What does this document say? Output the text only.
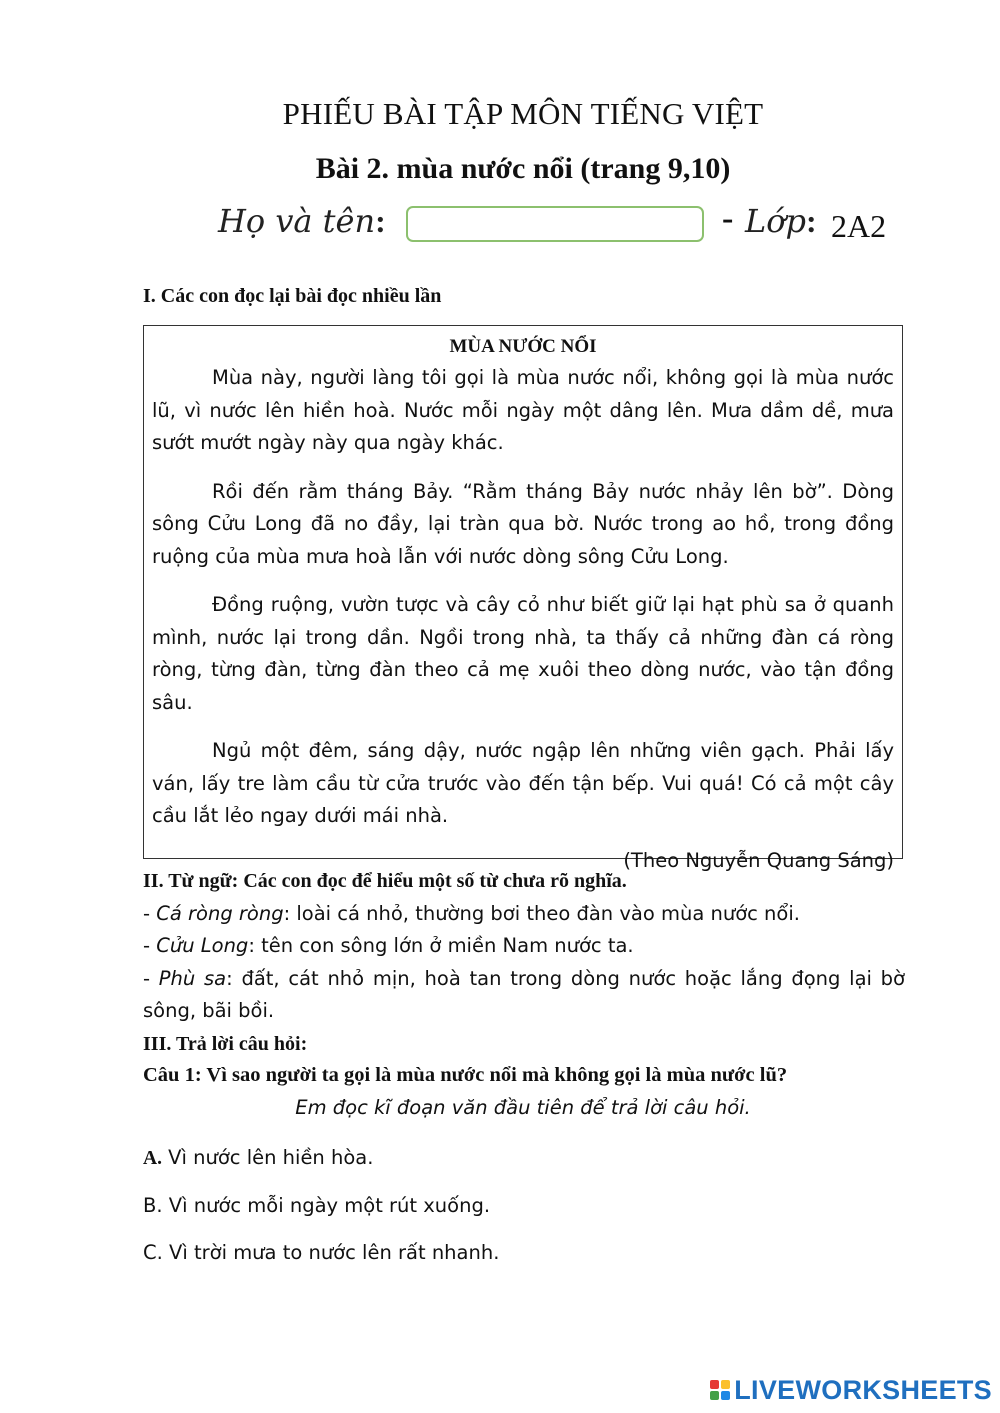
PHIẾU BÀI TẬP MÔN TIẾNG VIỆT
Bài 2. mùa nước nổi (trang 9,10)
Họ và tên:	- Lớp: 2A2
I. Các con đọc lại bài đọc nhiều lần
MÙA NƯỚC NỔI

Mùa này, người làng tôi gọi là mùa nước nổi, không gọi là mùa nước lũ, vì nước lên hiền hoà. Nước mỗi ngày một dâng lên. Mưa dầm dề, mưa sướt mướt ngày này qua ngày khác.

Rồi đến rằm tháng Bảy. “Rằm tháng Bảy nước nhảy lên bờ”. Dòng sông Cửu Long đã no đầy, lại tràn qua bờ. Nước trong ao hồ, trong đồng ruộng của mùa mưa hoà lẫn với nước dòng sông Cửu Long.

Đồng ruộng, vườn tược và cây cỏ như biết giữ lại hạt phù sa ở quanh mình, nước lại trong dần. Ngồi trong nhà, ta thấy cả những đàn cá ròng ròng, từng đàn, từng đàn theo cả mẹ xuôi theo dòng nước, vào tận đồng sâu.

Ngủ một đêm, sáng dậy, nước ngập lên những viên gạch. Phải lấy ván, lấy tre làm cầu từ cửa trước vào đến tận bếp. Vui quá! Có cả một cây cầu lắt lẻo ngay dưới mái nhà.

(Theo Nguyễn Quang Sáng)
II. Từ ngữ: Các con đọc để hiểu một số từ chưa rõ nghĩa.
- Cá ròng ròng: loài cá nhỏ, thường bơi theo đàn vào mùa nước nổi.
- Cửu Long: tên con sông lớn ở miền Nam nước ta.
- Phù sa: đất, cát nhỏ mịn, hoà tan trong dòng nước hoặc lắng đọng lại bờ sông, bãi bồi.
III. Trả lời câu hỏi:
Câu 1: Vì sao người ta gọi là mùa nước nổi mà không gọi là mùa nước lũ?
Em đọc kĩ đoạn văn đầu tiên để trả lời câu hỏi.
A. Vì nước lên hiền hòa.
B. Vì nước mỗi ngày một rút xuống.
C. Vì trời mưa to nước lên rất nhanh.
LIVEWORKSHEETS
